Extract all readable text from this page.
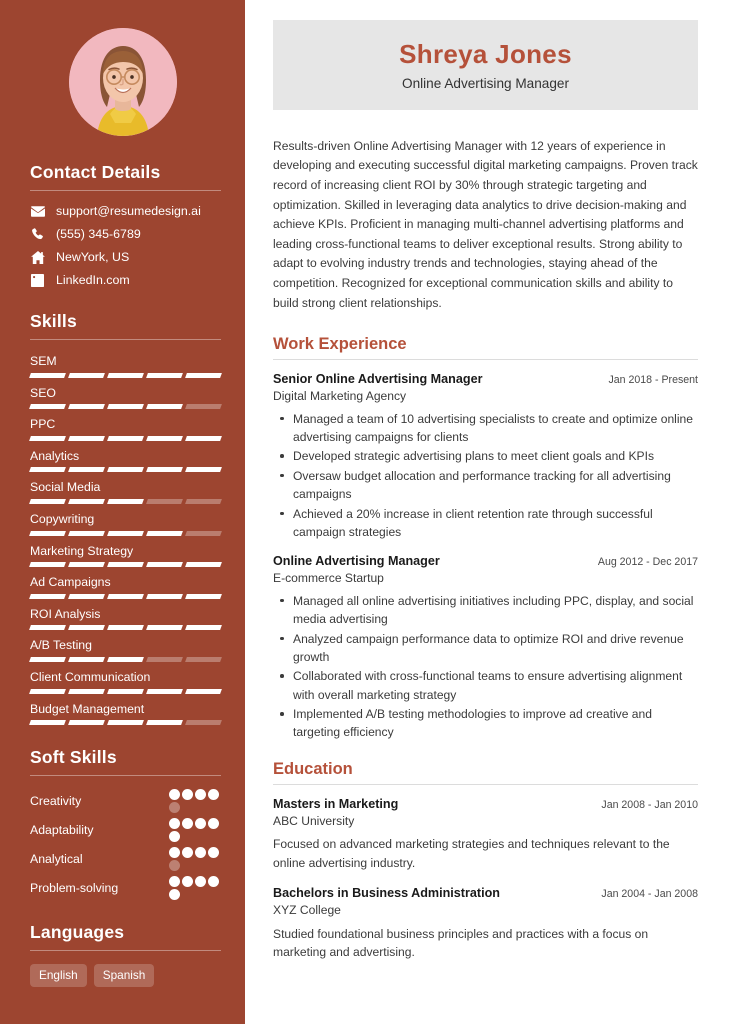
Contact Details
support@resumedesign.ai
(555) 345-6789
NewYork, US
LinkedIn.com
Skills
SEM
SEO
PPC
Analytics
Social Media
Copywriting
Marketing Strategy
Ad Campaigns
ROI Analysis
A/B Testing
Client Communication
Budget Management
Soft Skills
Creativity
Adaptability
Analytical
Problem-solving
Languages
English	Spanish
Shreya Jones
Online Advertising Manager

Results-driven Online Advertising Manager with 12 years of experience in developing and executing successful digital marketing campaigns. Proven track record of increasing client ROI by 30% through strategic targeting and optimization. Skilled in leveraging data analytics to drive decision-making and achieve KPIs. Proficient in managing multi-channel advertising platforms and leading cross-functional teams to deliver exceptional results. Strong ability to adapt to evolving industry trends and technologies, staying ahead of the competition. Recognized for exceptional communication skills and ability to build strong client relationships.

Work Experience
Senior Online Advertising Manager	Jan 2018 - Present
Digital Marketing Agency
Managed a team of 10 advertising specialists to create and optimize online advertising campaigns for clients
Developed strategic advertising plans to meet client goals and KPIs
Oversaw budget allocation and performance tracking for all advertising campaigns
Achieved a 20% increase in client retention rate through successful campaign strategies
Online Advertising Manager	Aug 2012 - Dec 2017
E-commerce Startup
Managed all online advertising initiatives including PPC, display, and social media advertising
Analyzed campaign performance data to optimize ROI and drive revenue growth
Collaborated with cross-functional teams to ensure advertising alignment with overall marketing strategy
Implemented A/B testing methodologies to improve ad creative and targeting efficiency
Education
Masters in Marketing	Jan 2008 - Jan 2010
ABC University
Focused on advanced marketing strategies and techniques relevant to the online advertising industry.
Bachelors in Business Administration	Jan 2004 - Jan 2008
XYZ College
Studied foundational business principles and practices with a focus on marketing and advertising.
